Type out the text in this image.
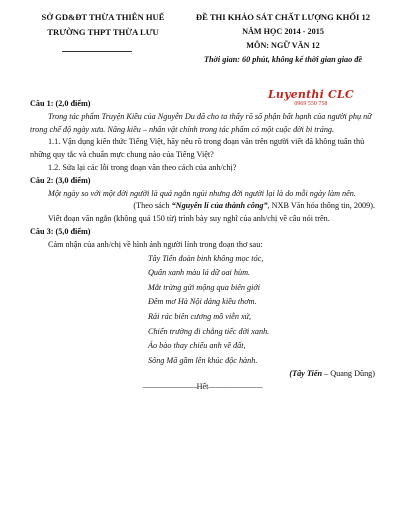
SỞ GD&ĐT THỪA THIÊN HUẾ
TRƯỜNG THPT THỪA LƯU
ĐỀ THI KHẢO SÁT CHẤT LƯỢNG KHỐI 12
NĂM HỌC 2014 - 2015
MÔN: NGỮ VĂN 12
Thời gian: 60 phút, không kể thời gian giao đề
Luyenthi CLC
0969 550 758

Câu 1: (2,0 điểm)

Trong tác phẩm Truyện Kiều của Nguyễn Du đã cho ta thấy rõ số phận bất hạnh của người phụ nữ trong chế độ ngày xưa. Nâng kiều – nhân vật chính trong tác phẩm có một cuộc đời bi tráng.

1.1. Vận dụng kiến thức Tiếng Việt, hãy nêu rõ trong đoạn văn trên người viết đã không tuân thủ những quy tắc và chuẩn mực chung nào của Tiếng Việt?

1.2. Sửa lại các lỗi trong đoạn văn theo cách của anh/chị?

Câu 2: (3,0 điểm)

Một ngày so với một đời người là quá ngắn ngủi nhưng đời người lại là do mỗi ngày làm nên.

(Theo sách “Nguyên lí của thành công”, NXB Văn hóa thông tin, 2009).

Viết đoạn văn ngắn (không quá 150 từ) trình bày suy nghĩ của anh/chị về câu nói trên.

Câu 3: (5,0 điểm)

Cảm nhận của anh/chị về hình ảnh người lính trong đoạn thơ sau:

Tây Tiến đoàn binh không mọc tóc,

Quân xanh màu lá dữ oai hùm.

Mắt trừng gửi mộng qua biên giới

Đêm mơ Hà Nội dáng kiều thơm.

Rải rác biên cương mồ viễn xứ,

Chiến trường đi chẳng tiếc đời xanh.

Áo bào thay chiếu anh về đất,

Sông Mã gầm lên khúc độc hành.

(Tây Tiến – Quang Dũng)

———————Hết———————
